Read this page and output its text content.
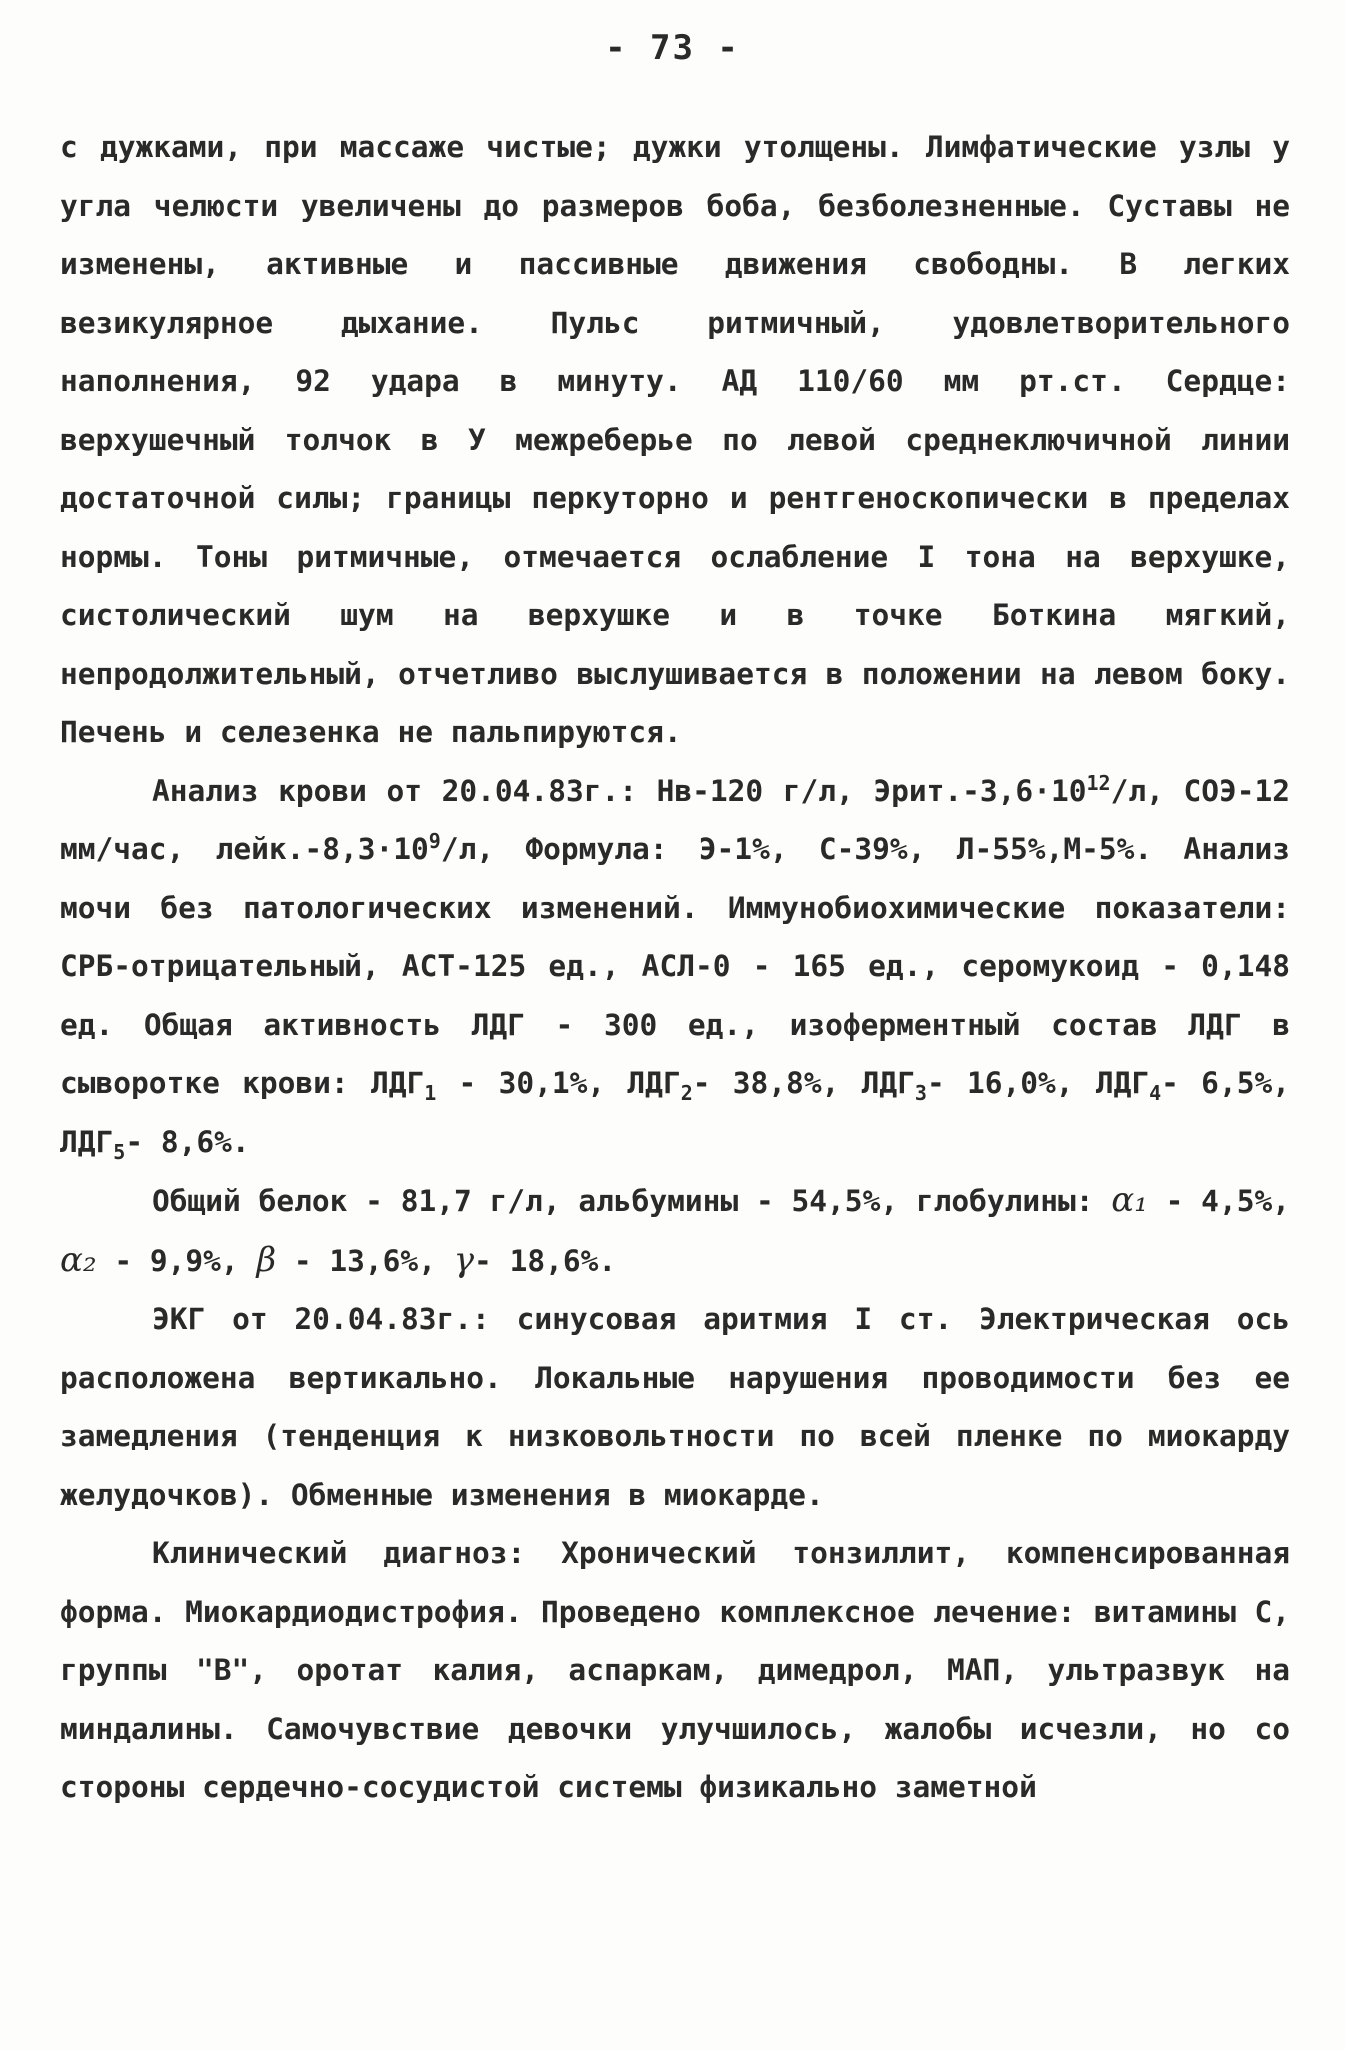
- 73 -

с дужками, при массаже чистые; дужки утолщены. Лимфатические узлы у угла челюсти увеличены до размеров боба, безболезненные. Суставы не изменены, активные и пассивные движения свободны. В легких везикулярное дыхание. Пульс ритмичный, удовлетворительного наполнения, 92 удара в минуту. АД 110/60 мм рт.ст. Сердце: верхушечный толчок в У межреберье по левой среднеключичной линии достаточной силы; границы перкуторно и рентгеноскопически в пределах нормы. Тоны ритмичные, отмечается ослабление I тона на верхушке, систолический шум на верхушке и в точке Боткина мягкий, непродолжительный, отчетливо выслушивается в положении на левом боку. Печень и селезенка не пальпируются.

Анализ крови от 20.04.83г.: Нв-120 г/л, $Эрит.-3,6\cdot 10^{12}/л$, СОЭ-12 мм/час, $лейк.-8,3\cdot 10^9/л$, Формула: Э-1%, С-39%, Л-55%,М-5%. Анализ мочи без патологических изменений. Иммунобиохимические показатели: СРБ-отрицательный, АСТ-125 ед., АСЛ-0 - 165 ед., серомукоид - 0,148 ед. Общая активность ЛДГ - 300 ед., изоферментный состав ЛДГ в сыворотке крови: $ЛДГ_1 - 30,1\%$, $ЛДГ_2-$ 38,8%, $ЛДГ_3-$ 16,0%, $ЛДГ_4-$ 6,5%, $ЛДГ_5-$ 8,6%.

Общий белок - 81,7 г/л, альбумины - 54,5%, глобулины: α₁ - 4,5%, α₂ - 9,9%, β - 13,6%, γ- 18,6%.

ЭКГ от 20.04.83г.: синусовая аритмия I ст. Электрическая ось расположена вертикально. Локальные нарушения проводимости без ее замедления (тенденция к низковольтности по всей пленке по миокарду желудочков). Обменные изменения в миокарде.

Клинический диагноз: Хронический тонзиллит, компенсированная форма. Миокардиодистрофия. Проведено комплексное лечение: витамины С, группы "В", оротат калия, аспаркам, димедрол, МАП, ультразвук на миндалины. Самочувствие девочки улучшилось, жалобы исчезли, но со стороны сердечно-сосудистой системы физикально заметной
